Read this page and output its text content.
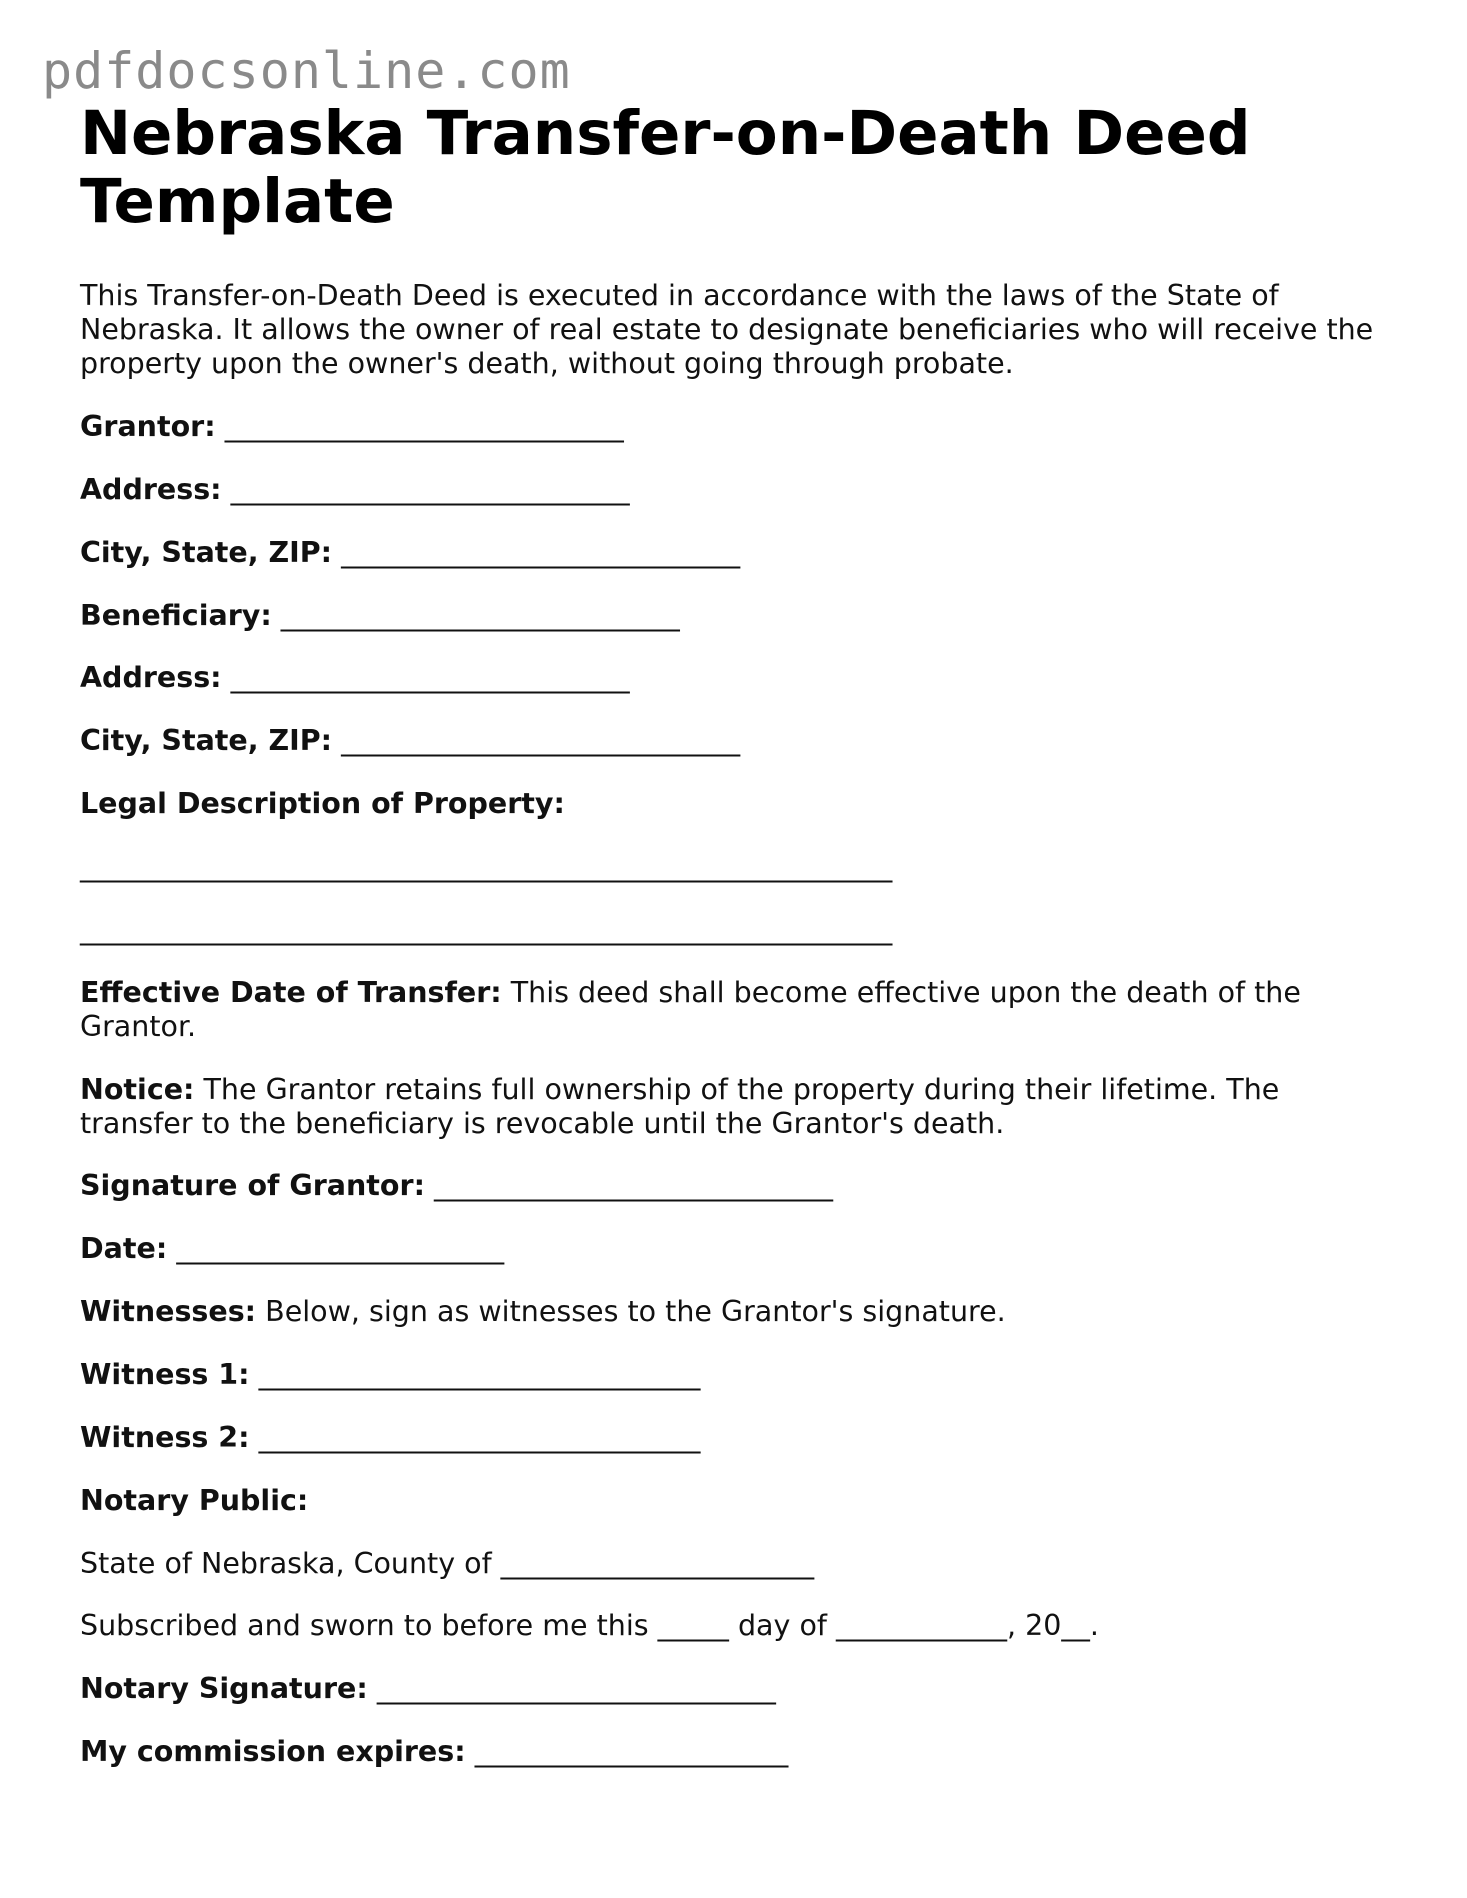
pdfdocsonline.com
Nebraska Transfer-on-Death Deed Template

This Transfer-on-Death Deed is executed in accordance with the laws of the State of Nebraska. It allows the owner of real estate to designate beneficiaries who will receive the property upon the owner's death, without going through probate.

Grantor: ____________________________
Address: ____________________________
City, State, ZIP: ____________________________
Beneficiary: ____________________________
Address: ____________________________
City, State, ZIP: ____________________________
Legal Description of Property:
_________________________________________________________
_________________________________________________________
Effective Date of Transfer: This deed shall become effective upon the death of the Grantor.
Notice: The Grantor retains full ownership of the property during their lifetime. The transfer to the beneficiary is revocable until the Grantor's death.
Signature of Grantor: ____________________________
Date: _______________________
Witnesses: Below, sign as witnesses to the Grantor's signature.
Witness 1: _______________________________
Witness 2: _______________________________
Notary Public:
State of Nebraska, County of ______________________
Subscribed and sworn to before me this _____ day of ____________, 20__.
Notary Signature: ____________________________
My commission expires: ______________________
